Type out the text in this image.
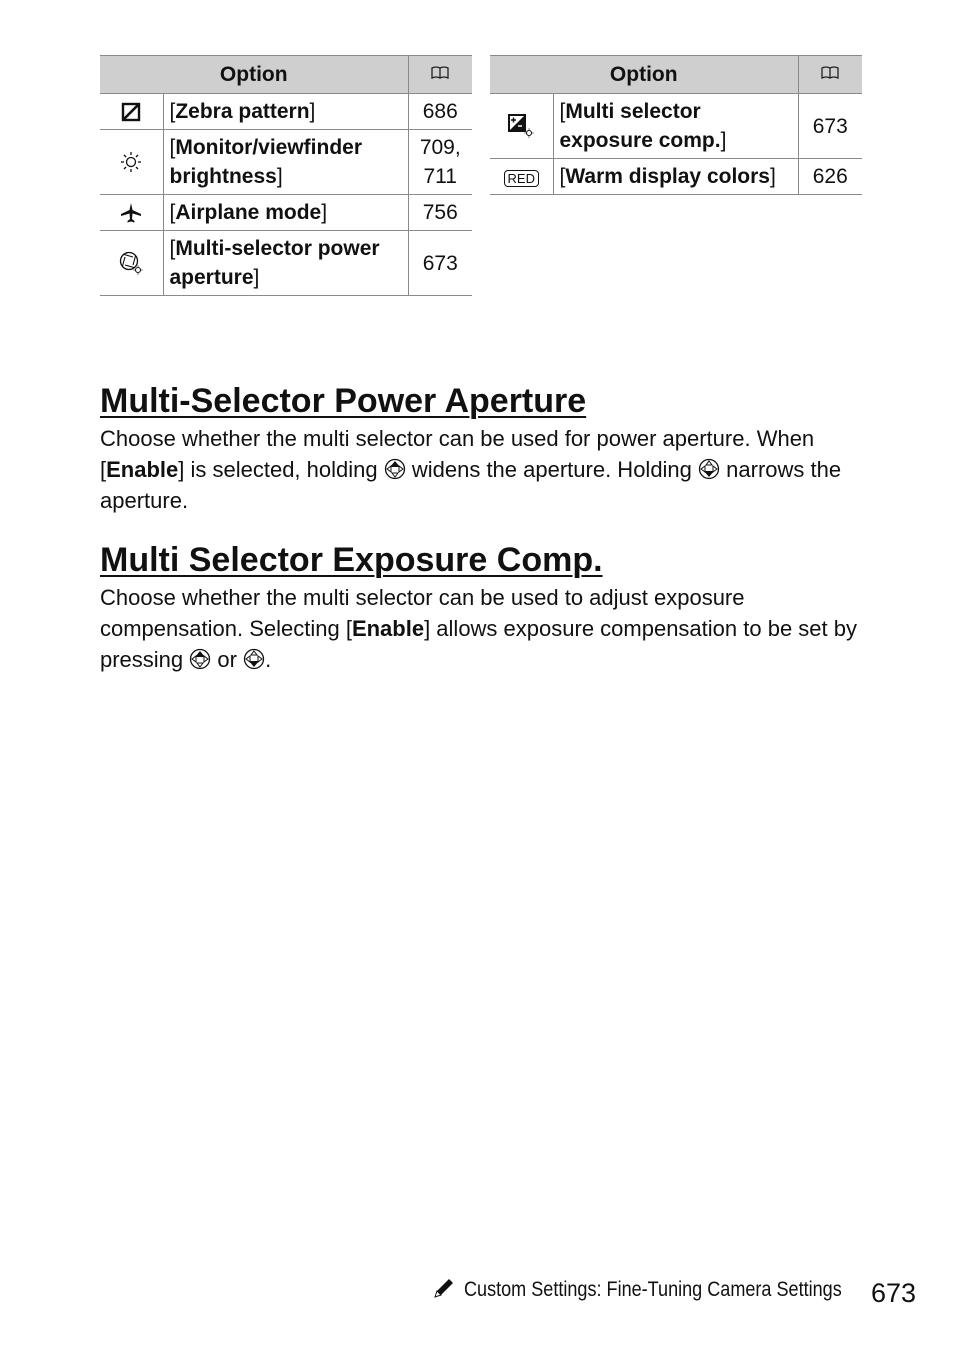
Option	

	[Zebra pattern]	686

	[Monitor/viewfinder brightness]	709, 711

	[Airplane mode]	756

	[Multi-selector power aperture]	673
Option	

	[Multi selector exposure comp.]	673
RED	[Warm display colors]	626
Multi-Selector Power Aperture

Choose whether the multi selector can be used for power aperture. When [Enable] is selected, holding  widens the aperture. Holding  narrows the aperture.

Multi Selector Exposure Comp.

Choose whether the multi selector can be used to adjust exposure compensation. Selecting [Enable] allows exposure compensation to be set by pressing  or .

Custom Settings: Fine-Tuning Camera Settings	673
